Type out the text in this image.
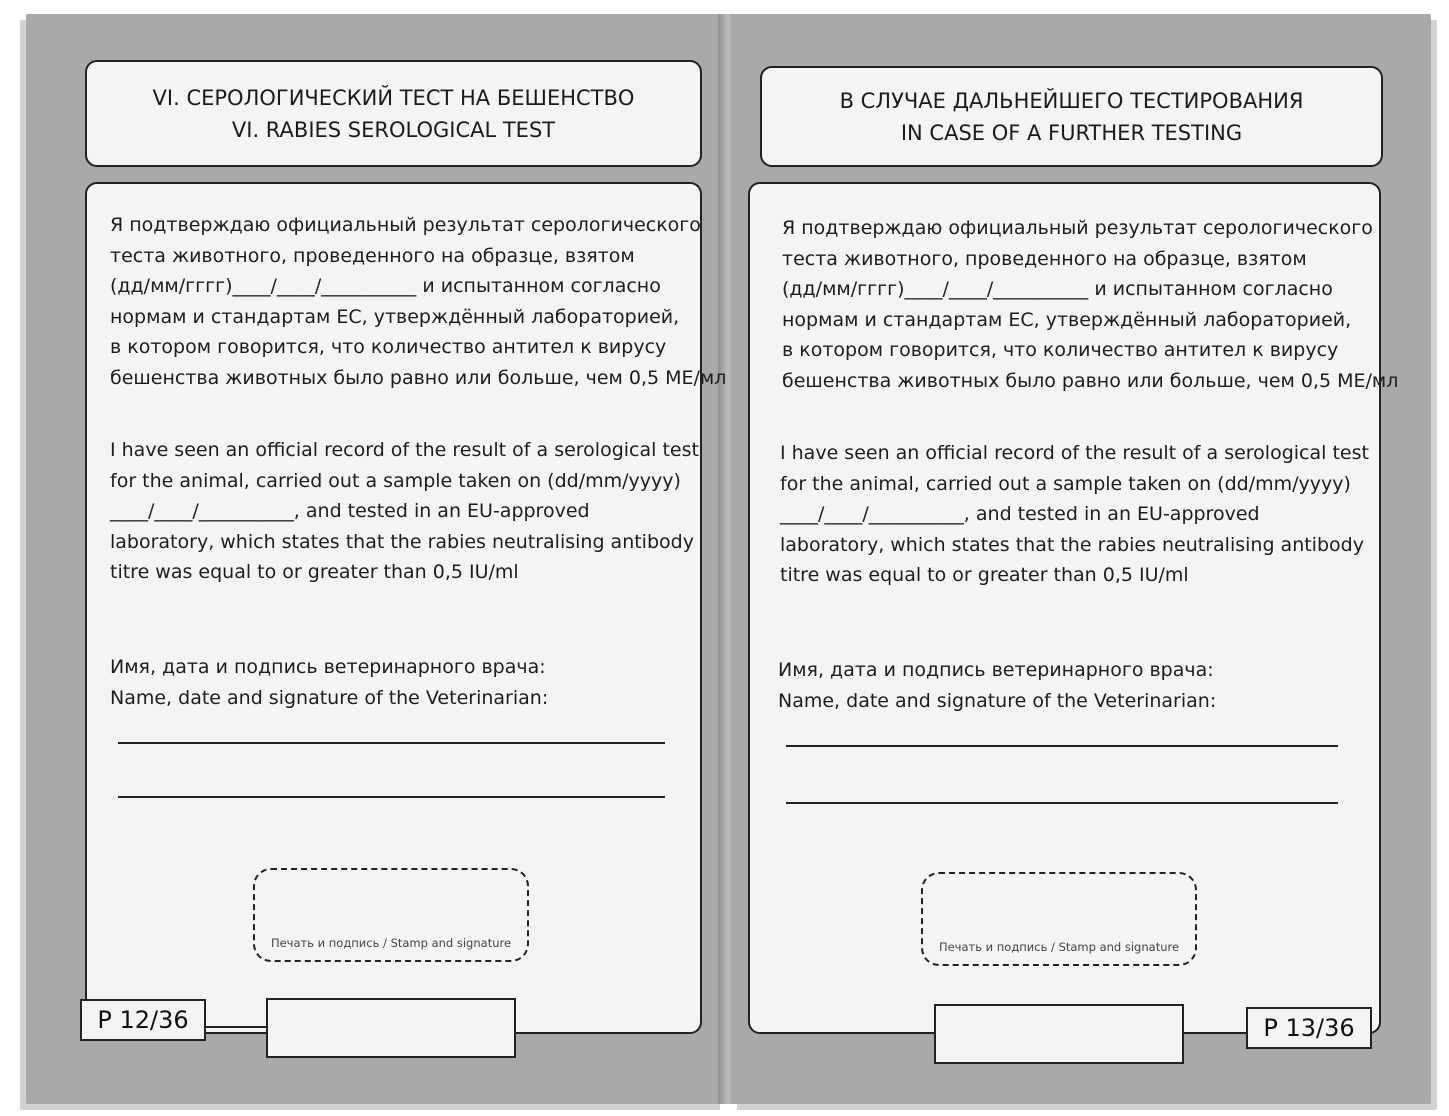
VI. СЕРОЛОГИЧЕСКИЙ ТЕСТ НА БЕШЕНСТВО
VI. RABIES SEROLOGICAL TEST
Я подтверждаю официальный результат серологического
теста животного, проведенного на образце, взятом
(дд/мм/гггг)____/____/__________ и испытанном согласно
нормам и стандартам ЕС, утверждённый лабораторией,
в котором говорится, что количество антител к вирусу
бешенства животных было равно или больше, чем 0,5 МЕ/мл
I have seen an official record of the result of a serological test
for the animal, carried out a sample taken on (dd/mm/yyyy)
____/____/__________, and tested in an EU-approved
laboratory, which states that the rabies neutralising antibody
titre was equal to or greater than 0,5 IU/ml
Имя, дата и подпись ветеринарного врача:
Name, date and signature of the Veterinarian:
Печать и подпись / Stamp and signature
P 12/36
В СЛУЧАЕ ДАЛЬНЕЙШЕГО ТЕСТИРОВАНИЯ
IN CASE OF A FURTHER TESTING
Я подтверждаю официальный результат серологического
теста животного, проведенного на образце, взятом
(дд/мм/гггг)____/____/__________ и испытанном согласно
нормам и стандартам ЕС, утверждённый лабораторией,
в котором говорится, что количество антител к вирусу
бешенства животных было равно или больше, чем 0,5 МЕ/мл
I have seen an official record of the result of a serological test
for the animal, carried out a sample taken on (dd/mm/yyyy)
____/____/__________, and tested in an EU-approved
laboratory, which states that the rabies neutralising antibody
titre was equal to or greater than 0,5 IU/ml
Имя, дата и подпись ветеринарного врача:
Name, date and signature of the Veterinarian:
Печать и подпись / Stamp and signature
P 13/36
